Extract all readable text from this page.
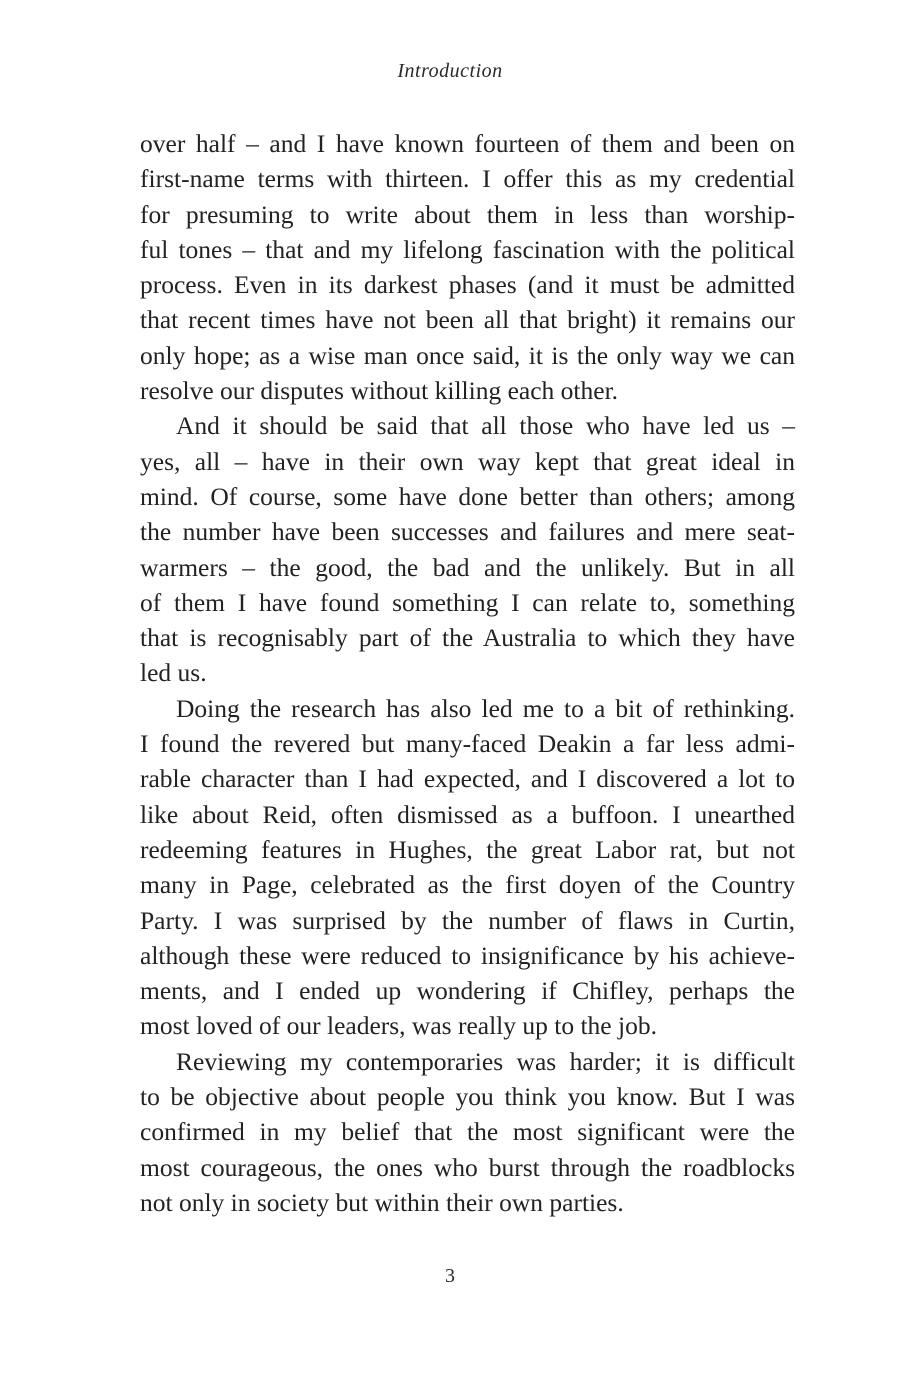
Introduction

over half – and I have known fourteen of them and been on
first-name terms with thirteen. I offer this as my credential
for presuming to write about them in less than worship-
ful tones – that and my lifelong fascination with the political
process. Even in its darkest phases (and it must be admitted
that recent times have not been all that bright) it remains our
only hope; as a wise man once said, it is the only way we can
resolve our disputes without killing each other.

And it should be said that all those who have led us –
yes, all – have in their own way kept that great ideal in
mind. Of course, some have done better than others; among
the number have been successes and failures and mere seat-
warmers – the good, the bad and the unlikely. But in all
of them I have found something I can relate to, something
that is recognisably part of the Australia to which they have
led us.

Doing the research has also led me to a bit of rethinking.
I found the revered but many-faced Deakin a far less admi-
rable character than I had expected, and I discovered a lot to
like about Reid, often dismissed as a buffoon. I unearthed
redeeming features in Hughes, the great Labor rat, but not
many in Page, celebrated as the first doyen of the Country
Party. I was surprised by the number of flaws in Curtin,
although these were reduced to insignificance by his achieve-
ments, and I ended up wondering if Chifley, perhaps the
most loved of our leaders, was really up to the job.

Reviewing my contemporaries was harder; it is difficult
to be objective about people you think you know. But I was
confirmed in my belief that the most significant were the
most courageous, the ones who burst through the roadblocks
not only in society but within their own parties.

3
